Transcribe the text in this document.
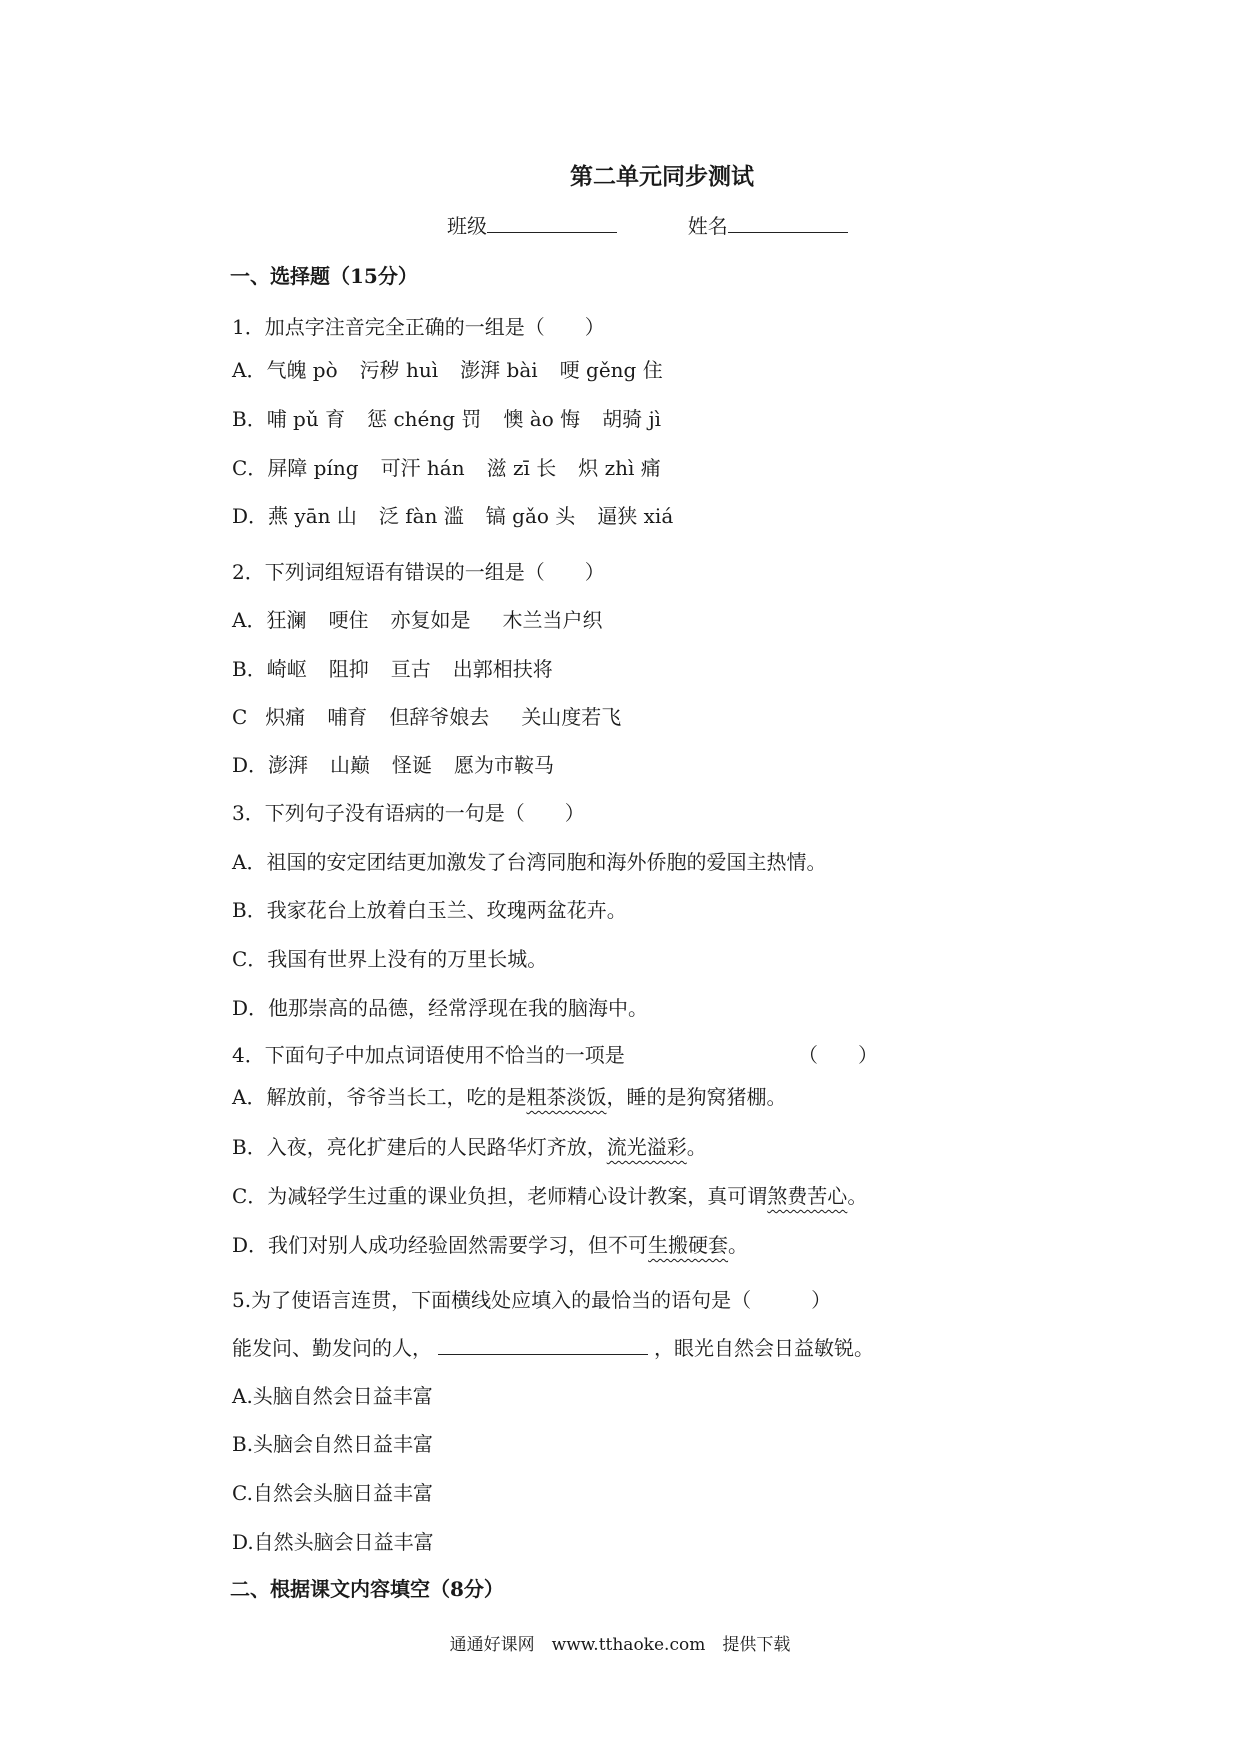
第二单元同步测试
班级	姓名
一、选择题（15分）
1．加点字注音完全正确的一组是（　　）
A．气魄 pò 污秽 huì 澎湃 bài 哽 gěng 住
B．哺 pǔ 育 惩 chéng 罚 懊 ào 悔 胡骑 jì
C．屏障 píng 可汗 hán 滋 zī 长 炽 zhì 痛
D．燕 yān 山 泛 fàn 滥 镐 gǎo 头 逼狭 xiá
2．下列词组短语有错误的一组是（　　）
A．狂澜 哽住 亦复如是 木兰当户织
B．崎岖 阻抑 亘古 出郭相扶将
C 炽痛 哺育 但辞爷娘去 关山度若飞
D．澎湃 山巅 怪诞 愿为市鞍马
3．下列句子没有语病的一句是（　　）
A．祖国的安定团结更加激发了台湾同胞和海外侨胞的爱国主热情。
B．我家花台上放着白玉兰、玫瑰两盆花卉。
C．我国有世界上没有的万里长城。
D．他那崇高的品德，经常浮现在我的脑海中。
4．下面句子中加点词语使用不恰当的一项是	（　　）
A．解放前，爷爷当长工，吃的是粗茶淡饭，睡的是狗窝猪棚。
B．入夜，亮化扩建后的人民路华灯齐放，流光溢彩。
C．为减轻学生过重的课业负担，老师精心设计教案，真可谓煞费苦心。
D．我们对别人成功经验固然需要学习，但不可生搬硬套。
5.为了使语言连贯，下面横线处应填入的最恰当的语句是（　　　）
能发问、勤发问的人，	，眼光自然会日益敏锐。
A.头脑自然会日益丰富
B.头脑会自然日益丰富
C.自然会头脑日益丰富
D.自然头脑会日益丰富
二、根据课文内容填空（8分）
通通好课网　www.tthaoke.com　提供下载
